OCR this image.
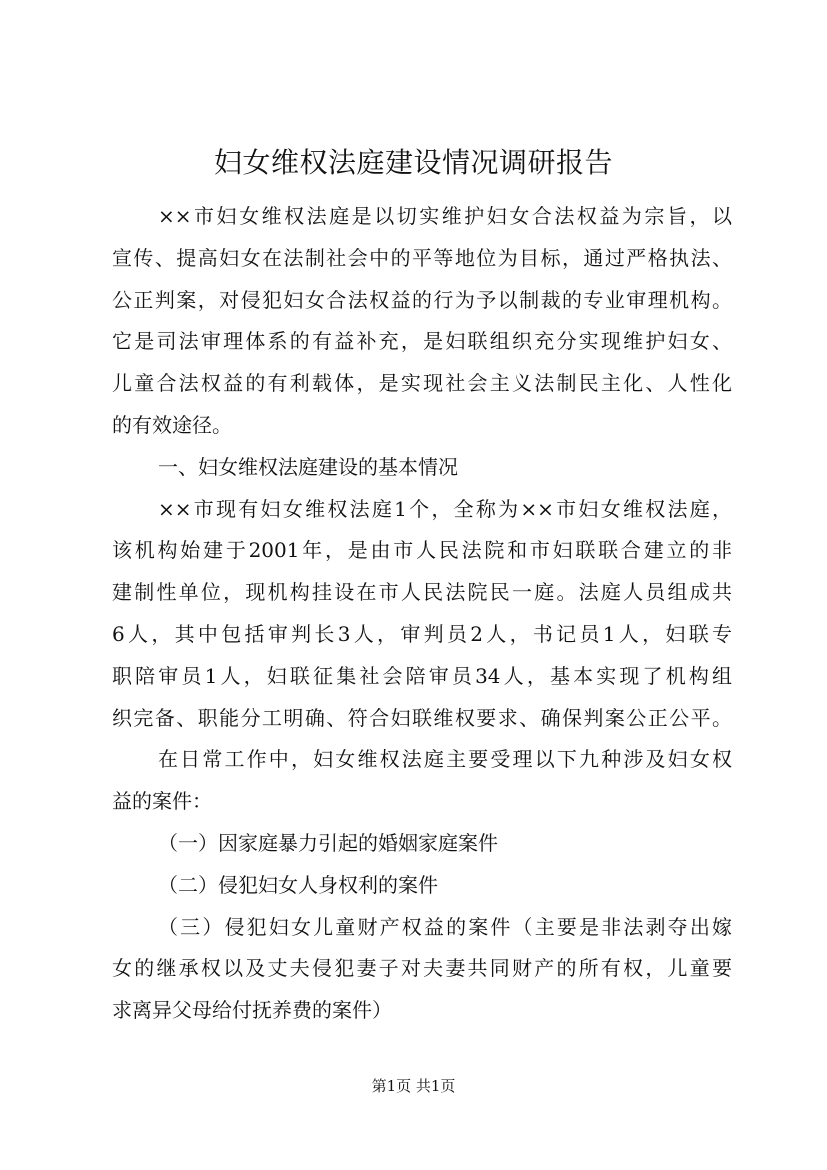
妇女维权法庭建设情况调研报告
××市妇女维权法庭是以切实维护妇女合法权益为宗旨，以
宣传、提高妇女在法制社会中的平等地位为目标，通过严格执法、
公正判案，对侵犯妇女合法权益的行为予以制裁的专业审理机构。
它是司法审理体系的有益补充，是妇联组织充分实现维护妇女、
儿童合法权益的有利载体，是实现社会主义法制民主化、人性化
的有效途径。
一、妇女维权法庭建设的基本情况
××市现有妇女维权法庭1个，全称为××市妇女维权法庭，
该机构始建于2001年，是由市人民法院和市妇联联合建立的非
建制性单位，现机构挂设在市人民法院民一庭。法庭人员组成共
6人，其中包括审判长3人，审判员2人，书记员1人，妇联专
职陪审员1人，妇联征集社会陪审员34人，基本实现了机构组
织完备、职能分工明确、符合妇联维权要求、确保判案公正公平。
在日常工作中，妇女维权法庭主要受理以下九种涉及妇女权
益的案件：
（一）因家庭暴力引起的婚姻家庭案件
（二）侵犯妇女人身权利的案件
（三）侵犯妇女儿童财产权益的案件（主要是非法剥夺出嫁
女的继承权以及丈夫侵犯妻子对夫妻共同财产的所有权，儿童要
求离异父母给付抚养费的案件）
第1页 共1页
